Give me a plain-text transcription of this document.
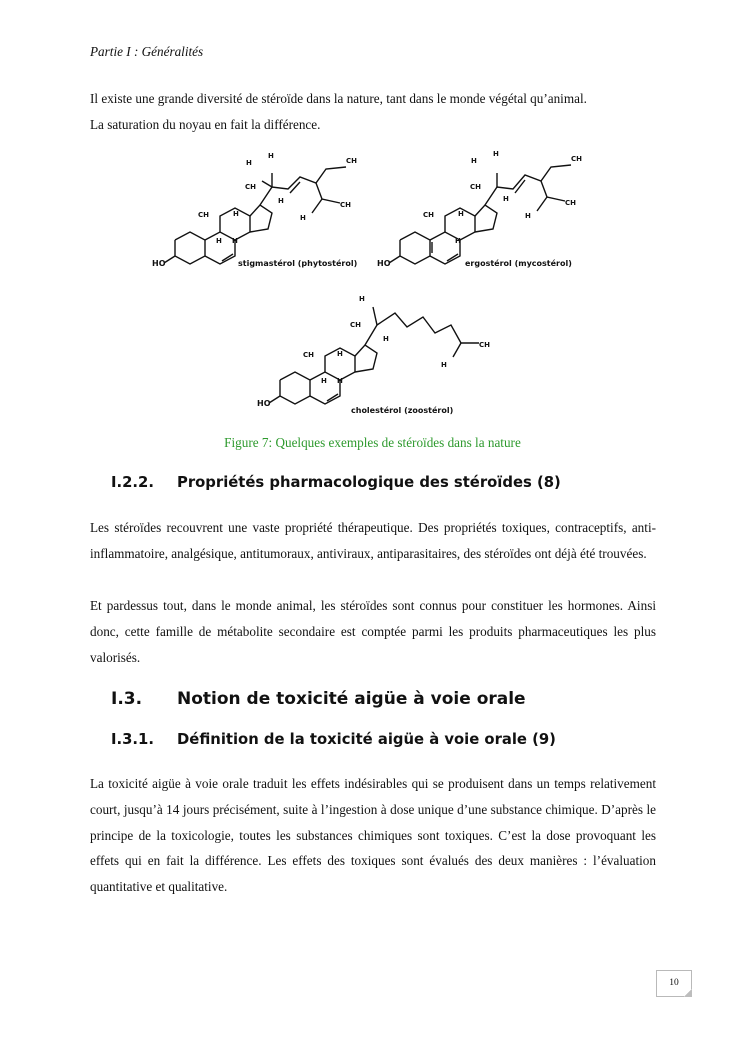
Partie I : Généralités
Il existe une grande diversité de stéroïde dans la nature, tant dans le monde végétal qu’animal.
La saturation du noyau en fait la différence.
HO
CH
CH
H
H
CH
CH
H
H
H
H
H
stigmastérol (phytostérol) HO
CH
CH
H
H
CH
CH
H
H
H
H
ergostérol (mycostérol)
HO
CH
CH
H
CH
H
H
H
H
H
cholestérol (zoostérol)
Figure 7: Quelques exemples de stéroïdes dans la nature
I.2.2. Propriétés pharmacologique des stéroïdes (8)

Les stéroïdes recouvrent une vaste propriété thérapeutique. Des propriétés toxiques, contraceptifs, anti-inflammatoire, analgésique, antitumoraux, antiviraux, antiparasitaires, des stéroïdes ont déjà été trouvées.

Et pardessus tout, dans le monde animal, les stéroïdes sont connus pour constituer les hormones. Ainsi donc, cette famille de métabolite secondaire est comptée parmi les produits pharmaceutiques les plus valorisés.

I.3. Notion de toxicité aigüe à voie orale
I.3.1. Définition de la toxicité aigüe à voie orale (9)

La toxicité aigüe à voie orale traduit les effets indésirables qui se produisent dans un temps relativement court, jusqu’à 14 jours précisément, suite à l’ingestion à dose unique d’une substance chimique. D’après le principe de la toxicologie, toutes les substances chimiques sont toxiques. C’est la dose provoquant les effets qui en fait la différence. Les effets des toxiques sont évalués des deux manières : l’évaluation quantitative et qualitative.

10
